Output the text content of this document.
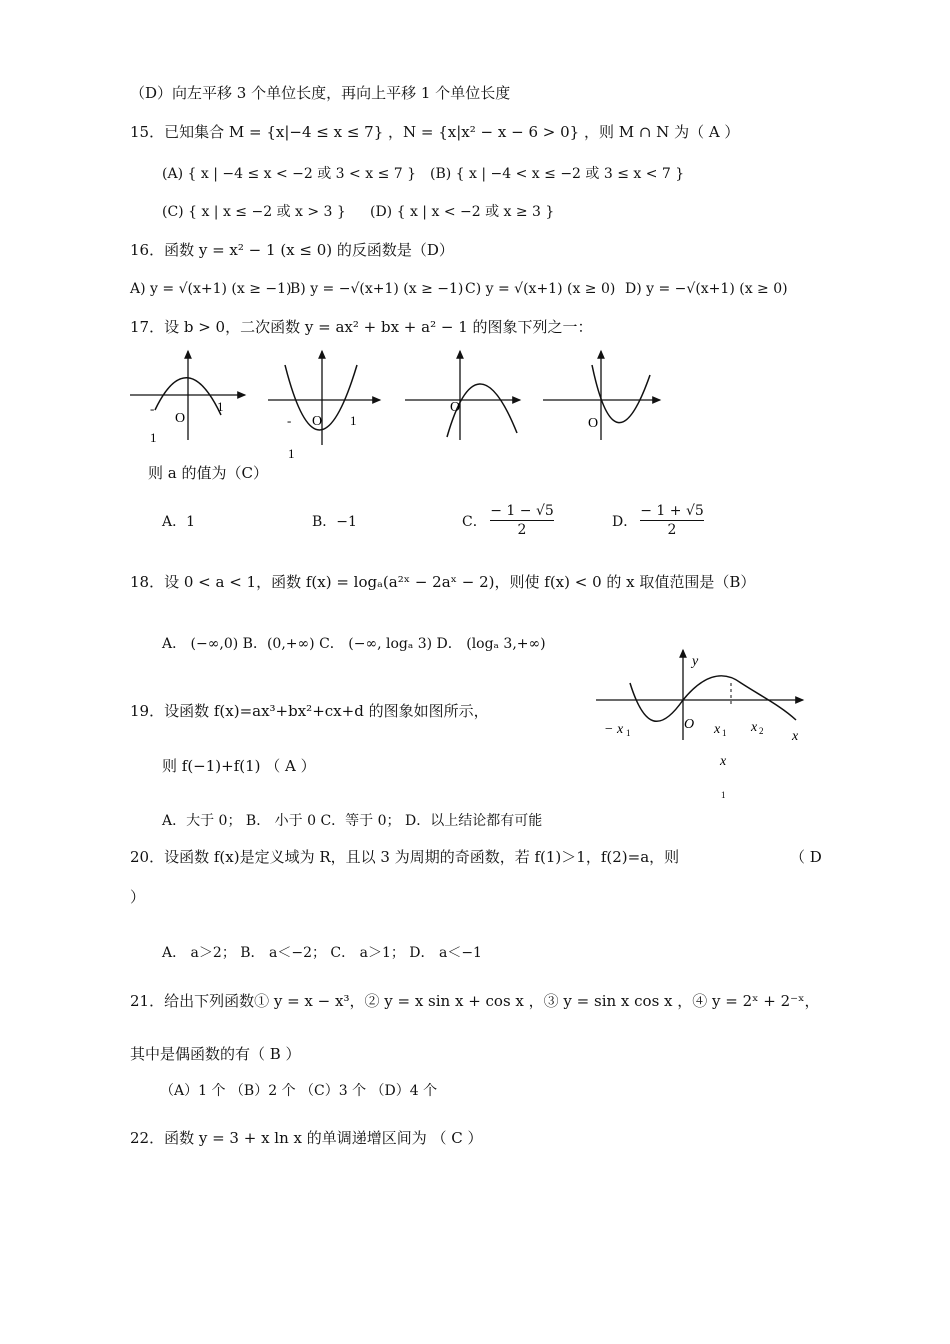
（D）向左平移 3 个单位长度，再向上平移 1 个单位长度
15．已知集合 M = {x|−4 ≤ x ≤ 7} ，N = {x|x² − x − 6 > 0} ，则 M ∩ N 为（ A ）
(A) { x | −4 ≤ x < −2 或 3 < x ≤ 7 } (B) { x | −4 < x ≤ −2 或 3 ≤ x < 7 }
(C) { x | x ≤ −2 或 x > 3 } (D) { x | x < −2 或 x ≥ 3 }
16．函数 y = x² − 1 (x ≤ 0) 的反函数是（D）
A) y = √(x+1) (x ≥ −1)
B) y = −√(x+1) (x ≥ −1) C) y = √(x+1) (x ≥ 0) D) y = −√(x+1) (x ≥ 0)
17．设 b > 0，二次函数 y = ax² + bx + a² − 1 的图象下列之一：
-
1
O
1
-
1
O 1
O
O
则 a 的值为（C）
A．1	B．−1	C．
− 1 − √5
2	D．
− 1 + √5
2
18．设 0 < a < 1，函数 f(x) = logₐ(a²ˣ − 2aˣ − 2)，则使 f(x) < 0 的 x 取值范围是（B）
A． (−∞,0) B．(0,+∞) C． (−∞, logₐ 3) D． (logₐ 3,+∞)
y
O
− x 1	x 1 x 2 x
x
1
19．设函数 f(x)=ax³+bx²+cx+d 的图象如图所示，
则 f(−1)+f(1) （ A ）
A．大于 0； B． 小于 0 C．等于 0； D．以上结论都有可能
20．设函数 f(x)是定义域为 R，且以 3 为周期的奇函数，若 f(1)＞1，f(2)=a，则	（ D
）
A． a＞2； B． a＜−2； C． a＞1； D． a＜−1
21．给出下列函数① y = x − x³，② y = x sin x + cos x ，③ y = sin x cos x ，④ y = 2ˣ + 2⁻ˣ，
其中是偶函数的有（ B ）
（A）1 个 （B）2 个 （C）3 个 （D）4 个
22．函数 y = 3 + x ln x 的单调递增区间为 （ C ）
